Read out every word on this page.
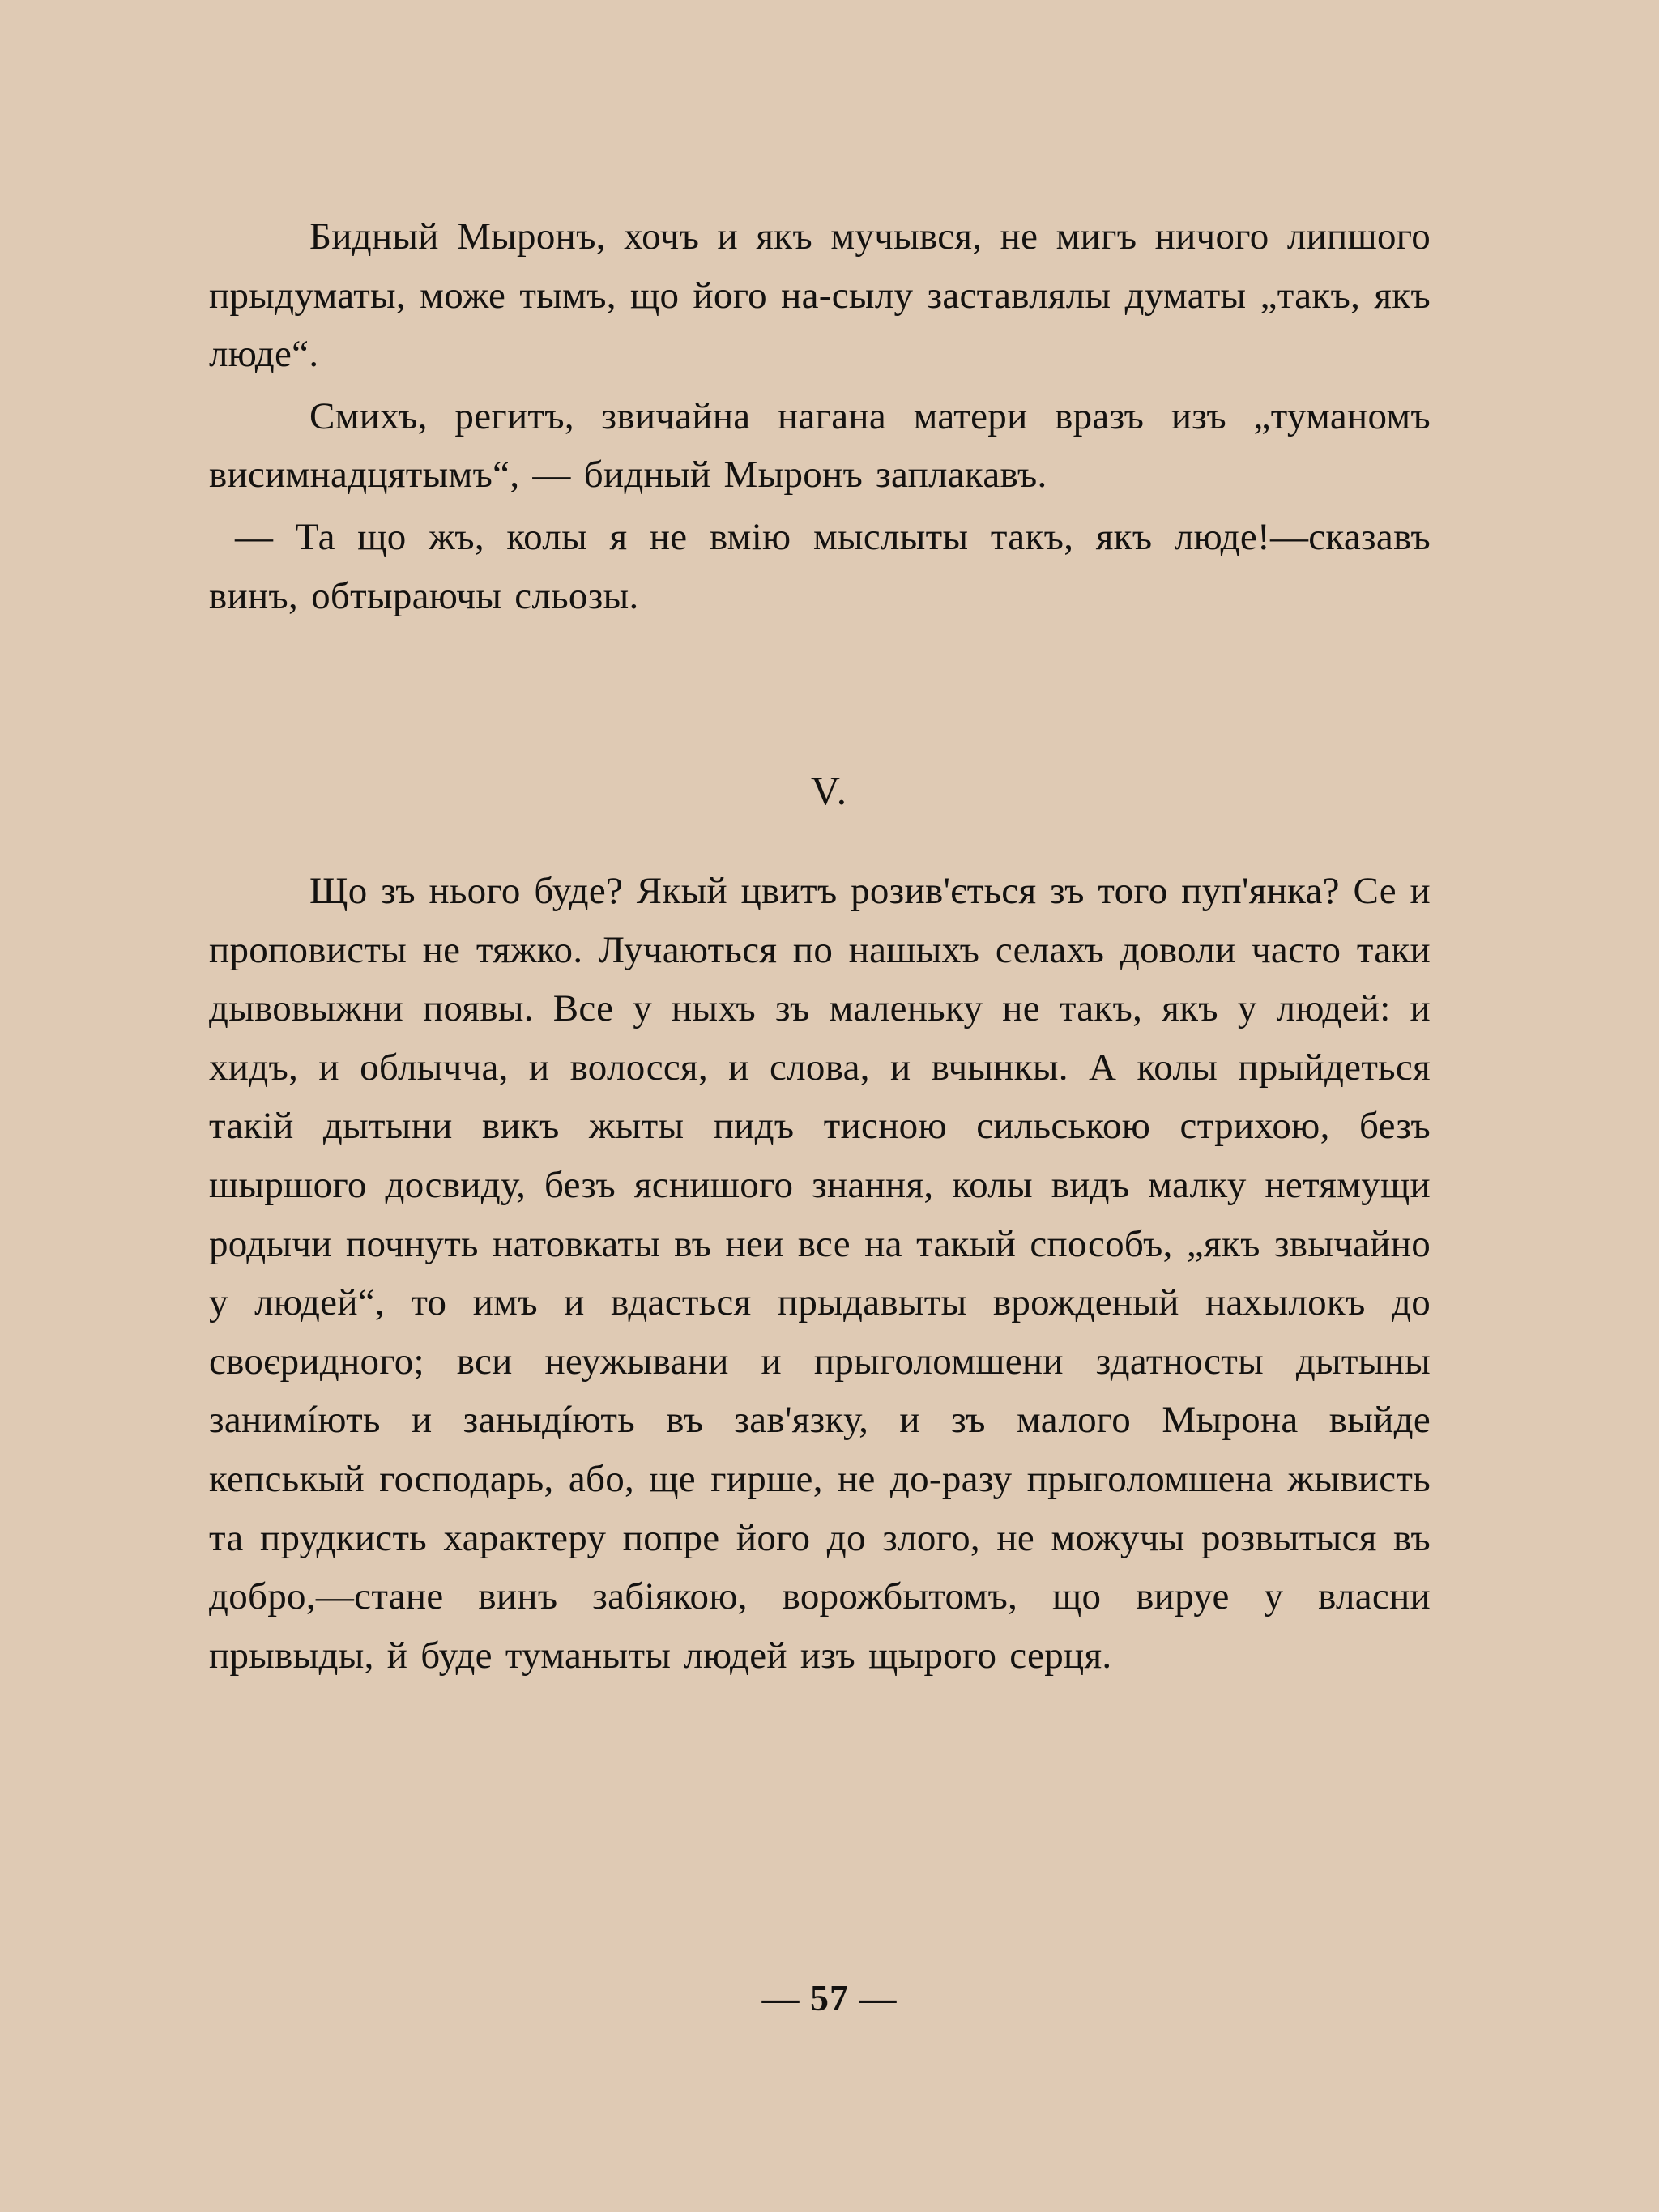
Бидный Мыронъ, хочъ и якъ мучывся, не мигъ ничого липшого прыдуматы, може тымъ, що його на-сылу заставлялы думаты „такъ, якъ люде“.

Смихъ, регитъ, звичайна нагана матери вразъ изъ „туманомъ висимнадцятымъ“, — бидный Мыронъ заплакавъ.

— Та що жъ, колы я не вмію мыслыты такъ, якъ люде!—сказавъ винъ, обтыраючы сльозы.

V.

Що зъ нього буде? Якый цвитъ розив'ється зъ того пуп'янка? Се и проповисты не тяжко. Лучаються по нашыхъ селахъ доволи часто таки дывовыжни появы. Все у ныхъ зъ маленьку не такъ, якъ у людей: и хидъ, и облычча, и волосся, и слова, и вчынкы. А колы прыйдеться такій дытыни викъ жыты пидъ тисною сильською стрихою, безъ шыршого досвиду, безъ яснишого знання, колы видъ малку нетямущи родычи почнуть натовкаты въ неи все на такый способъ, „якъ звычайно у людей“, то имъ и вдасться прыдавыты врожденый нахылокъ до своєридного; вси неужывани и прыголомшени здатносты дытыны занимíють и заныдíють въ зав'язку, и зъ малого Мырона выйде кепськый господарь, або, ще гирше, не до-разу прыголомшена жывисть та прудкисть характеру попре його до злого, не можучы розвытыся въ добро,—стане винъ забіякою, ворожбытомъ, що вируе у власни прывыды, й буде туманыты людей изъ щырого серця.

— 57 —
